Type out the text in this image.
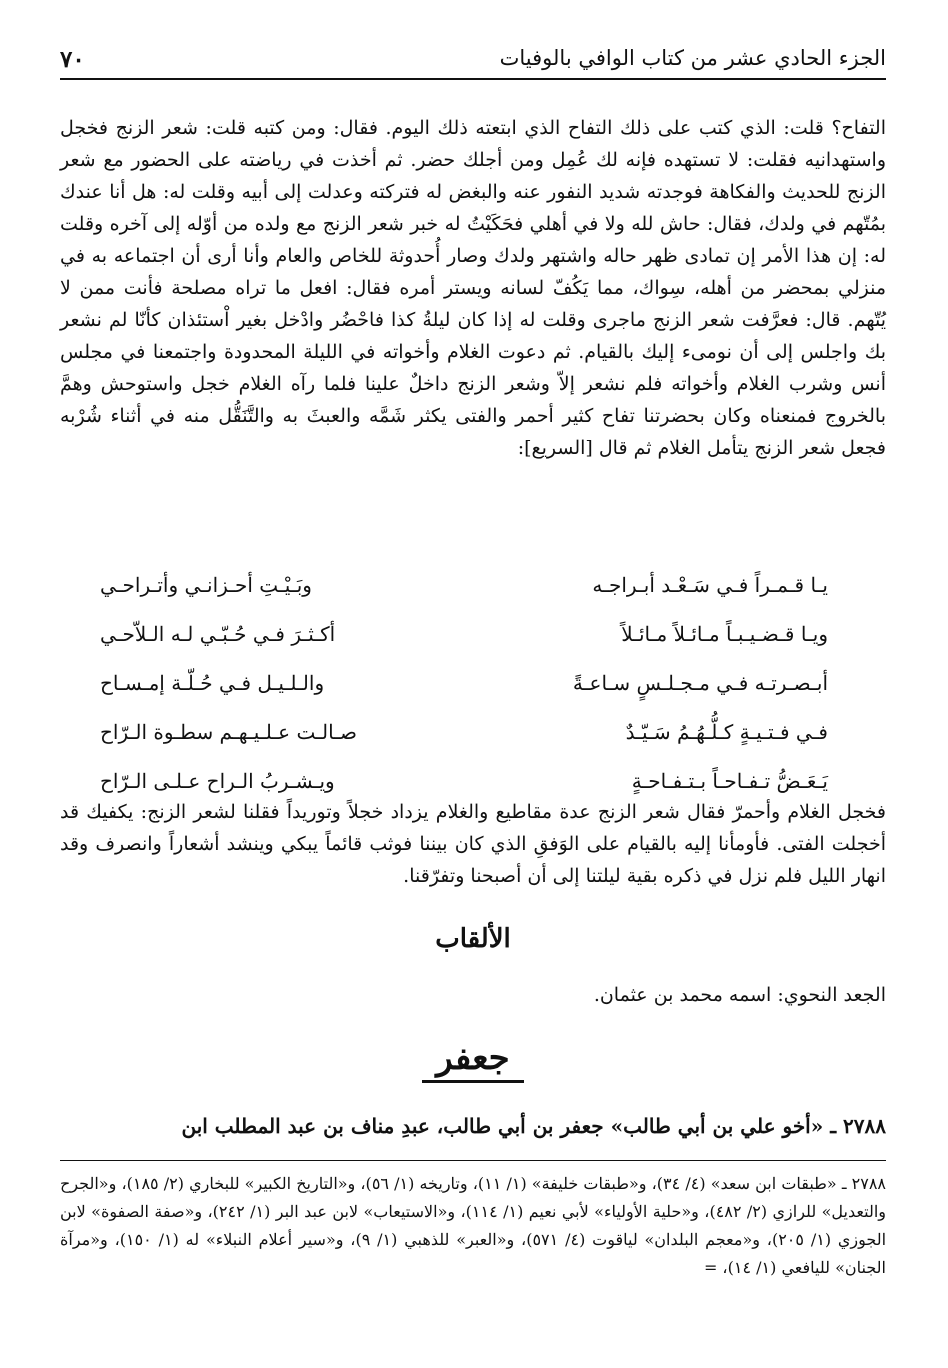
الجزء الحادي عشر من كتاب الوافي بالوفيات
٧٠

التفاح؟ قلت: الذي كتب على ذلك التفاح الذي ابتعته ذلك اليوم. فقال: ومن كتبه قلت: شعر الزنج فخجل واستهدانيه فقلت: لا تستهده فإنه لك عُمِل ومن أجلك حضر. ثم أخذت في رياضته على الحضور مع شعر الزنج للحديث والفكاهة فوجدته شديد النفور عنه والبغض له فتركته وعدلت إلى أبيه وقلت له: هل أنا عندك بمُتّهم في ولدك، فقال: حاش لله ولا في أهلي فحَكَيْتُ له خبر شعر الزنج مع ولده من أوّله إلى آخره وقلت له: إن هذا الأمر إن تمادى ظهر حاله واشتهر ولدك وصار أُحدوثة للخاص والعام وأنا أرى أن اجتماعه به في منزلي بمحضر من أهله، سِواك، مما يَكُفّ لسانه ويستر أمره فقال: افعل ما تراه مصلحة فأنت ممن لا يُتّهم. قال: فعرَّفت شعر الزنج ماجرى وقلت له إذا كان ليلةُ كذا فاحْضُر وادْخل بغير اْستئذان كأنّا لم نشعر بك واجلس إلى أن نومىء إليك بالقيام. ثم دعوت الغلام وأخواته في الليلة المحدودة واجتمعنا في مجلس أنس وشرب الغلام وأخواته فلم نشعر إلاّ وشعر الزنج داخلٌ علينا فلما رآه الغلام خجل واستوحش وهمَّ بالخروج فمنعناه وكان بحضرتنا تفاح كثير أحمر والفتى يكثر شَمَّه والعبثَ به والتَّنَقُّل منه في أثناء شُرْبه فجعل شعر الزنج يتأمل الغلام ثم قال [السريع]:

يـا قـمـراً فـي سَـعْـد أبـراجـه
وبَـيْـتِ أحـزانـي وأتـراحـي
ويـا قـضـيـبـاً مـائـلاً مـائـلاً
أكـثـرَ فـي حُـبّـي لـه الـلاّحـي
أبـصـرتـه فـي مـجـلـسٍ سـاعـةً
والـلـيـل فـي حُـلّـة إمـسـاح
فـي فـتـيـةٍ كـلُّـهُـمُ سَـيّـدٌ
صـالـت عـلـيـهـم سطـوة الـرّاح
يَـعَـضُّ تـفـاحـاً بـتـفـاحـةٍ
ويـشـربُ الـراح عـلـى الـرّاح
فخجل الغلام وأحمرّ فقال شعر الزنج عدة مقاطيع والغلام يزداد خجلاً وتوريداً فقلنا لشعر الزنج: يكفيك قد أخجلت الفتى. فأومأنا إليه بالقيام على الوَفقِ الذي كان بيننا فوثب قائماً يبكي وينشد أشعاراً وانصرف وقد انهار الليل فلم نزل في ذكره بقية ليلتنا إلى أن أصبحنا وتفرّقنا.
الألقاب
الجعد النحوي: اسمه محمد بن عثمان.
جعفر
٢٧٨٨ ـ «أخو علي بن أبي طالب» جعفر بن أبي طالب، عبدِ مناف بن عبد المطلب ابن
٢٧٨٨ ـ «طبقات ابن سعد» (٤/ ٣٤)، و«طبقات خليفة» (١/ ١١)، وتاريخه (١/ ٥٦)، و«التاريخ الكبير» للبخاري (٢/ ١٨٥)، و«الجرح والتعديل» للرازي (٢/ ٤٨٢)، و«حلية الأولياء» لأبي نعيم (١/ ١١٤)، و«الاستيعاب» لابن عبد البر (١/ ٢٤٢)، و«صفة الصفوة» لابن الجوزي (١/ ٢٠٥)، و«معجم البلدان» لياقوت (٤/ ٥٧١)، و«العبر» للذهبي (١/ ٩)، و«سير أعلام النبلاء» له (١/ ١٥٠)، و«مرآة الجنان» لليافعي (١/ ١٤)، =
